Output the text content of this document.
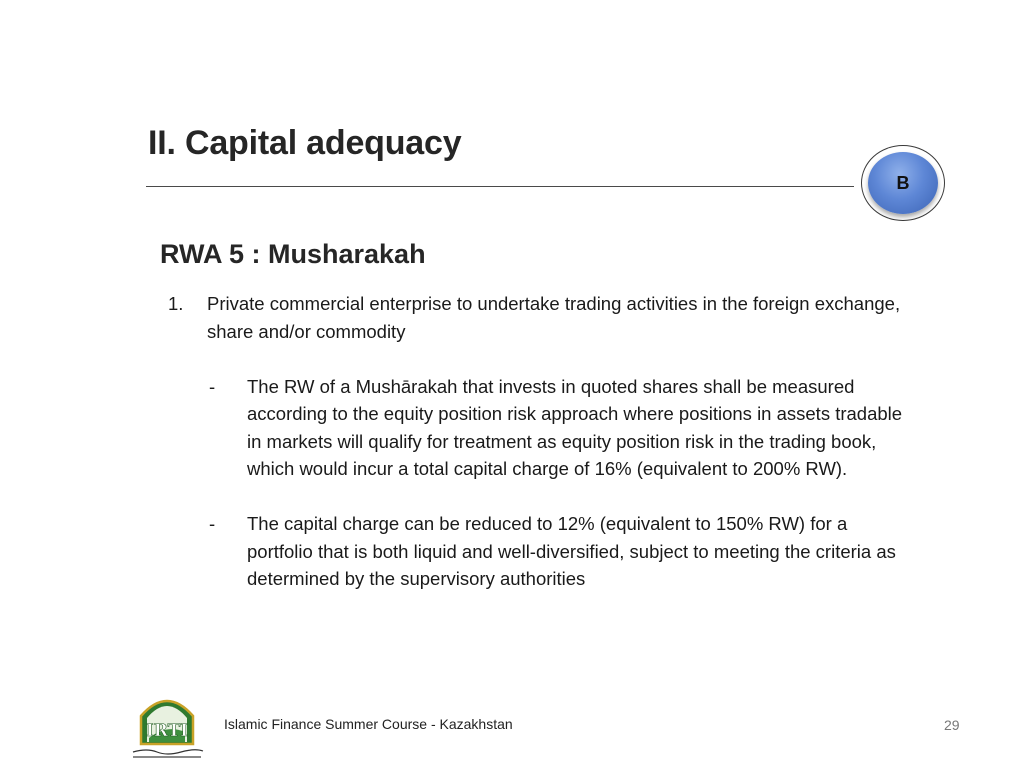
II. Capital adequacy
B
RWA 5 : Musharakah
1. Private commercial enterprise to undertake trading activities in the foreign exchange, share and/or commodity
- The RW of a Mushārakah that invests in quoted shares shall be measured according to the equity position risk approach where positions in assets tradable in markets will qualify for treatment as equity position risk in the trading book, which would incur a total capital charge of 16% (equivalent to 200% RW).
- The capital charge can be reduced to 12% (equivalent to 150% RW) for a portfolio that is both liquid and well-diversified, subject to meeting the criteria as determined by the supervisory authorities
IRTI	Islamic Finance Summer Course - Kazakhstan	29
